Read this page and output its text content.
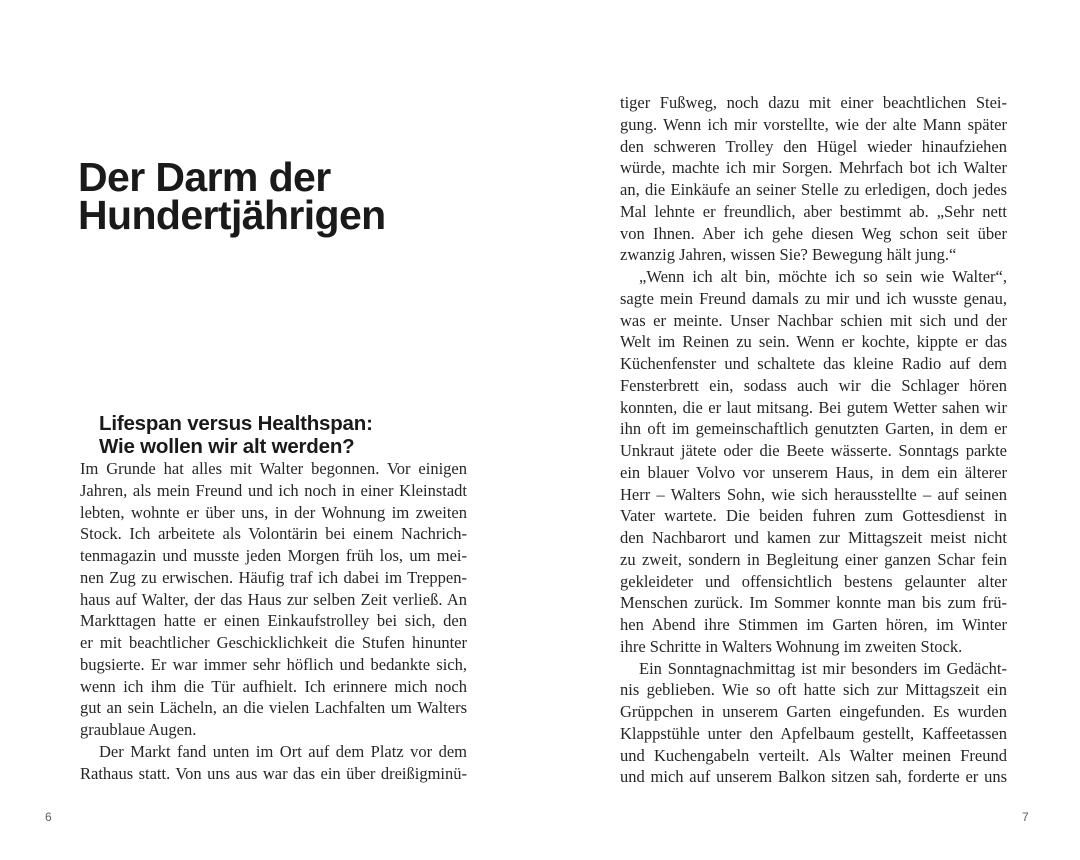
Der Darm der
Hundertjährigen
Lifespan versus Healthspan:
Wie wollen wir alt werden?
Im Grunde hat alles mit Walter begonnen. Vor einigen
Jahren, als mein Freund und ich noch in einer Kleinstadt
lebten, wohnte er über uns, in der Wohnung im zweiten
Stock. Ich arbeitete als Volontärin bei einem Nachrich-
tenmagazin und musste jeden Morgen früh los, um mei-
nen Zug zu erwischen. Häufig traf ich dabei im Treppen-
haus auf Walter, der das Haus zur selben Zeit verließ. An
Markttagen hatte er einen Einkaufstrolley bei sich, den
er mit beachtlicher Geschicklichkeit die Stufen hinunter
bugsierte. Er war immer sehr höflich und bedankte sich,
wenn ich ihm die Tür aufhielt. Ich erinnere mich noch
gut an sein Lächeln, an die vielen Lachfalten um Walters
graublaue Augen.
Der Markt fand unten im Ort auf dem Platz vor dem
Rathaus statt. Von uns aus war das ein über dreißigminü-
tiger Fußweg, noch dazu mit einer beachtlichen Stei-
gung. Wenn ich mir vorstellte, wie der alte Mann später
den schweren Trolley den Hügel wieder hinaufziehen
würde, machte ich mir Sorgen. Mehrfach bot ich Walter
an, die Einkäufe an seiner Stelle zu erledigen, doch jedes
Mal lehnte er freundlich, aber bestimmt ab. „Sehr nett
von Ihnen. Aber ich gehe diesen Weg schon seit über
zwanzig Jahren, wissen Sie? Bewegung hält jung.“
„Wenn ich alt bin, möchte ich so sein wie Walter“,
sagte mein Freund damals zu mir und ich wusste genau,
was er meinte. Unser Nachbar schien mit sich und der
Welt im Reinen zu sein. Wenn er kochte, kippte er das
Küchenfenster und schaltete das kleine Radio auf dem
Fensterbrett ein, sodass auch wir die Schlager hören
konnten, die er laut mitsang. Bei gutem Wetter sahen wir
ihn oft im gemeinschaftlich genutzten Garten, in dem er
Unkraut jätete oder die Beete wässerte. Sonntags parkte
ein blauer Volvo vor unserem Haus, in dem ein älterer
Herr – Walters Sohn, wie sich herausstellte – auf seinen
Vater wartete. Die beiden fuhren zum Gottesdienst in
den Nachbarort und kamen zur Mittagszeit meist nicht
zu zweit, sondern in Begleitung einer ganzen Schar fein
gekleideter und offensichtlich bestens gelaunter alter
Menschen zurück. Im Sommer konnte man bis zum frü-
hen Abend ihre Stimmen im Garten hören, im Winter
ihre Schritte in Walters Wohnung im zweiten Stock.
Ein Sonntagnachmittag ist mir besonders im Gedächt-
nis geblieben. Wie so oft hatte sich zur Mittagszeit ein
Grüppchen in unserem Garten eingefunden. Es wurden
Klappstühle unter den Apfelbaum gestellt, Kaffeetassen
und Kuchengabeln verteilt. Als Walter meinen Freund
und mich auf unserem Balkon sitzen sah, forderte er uns
6	7
